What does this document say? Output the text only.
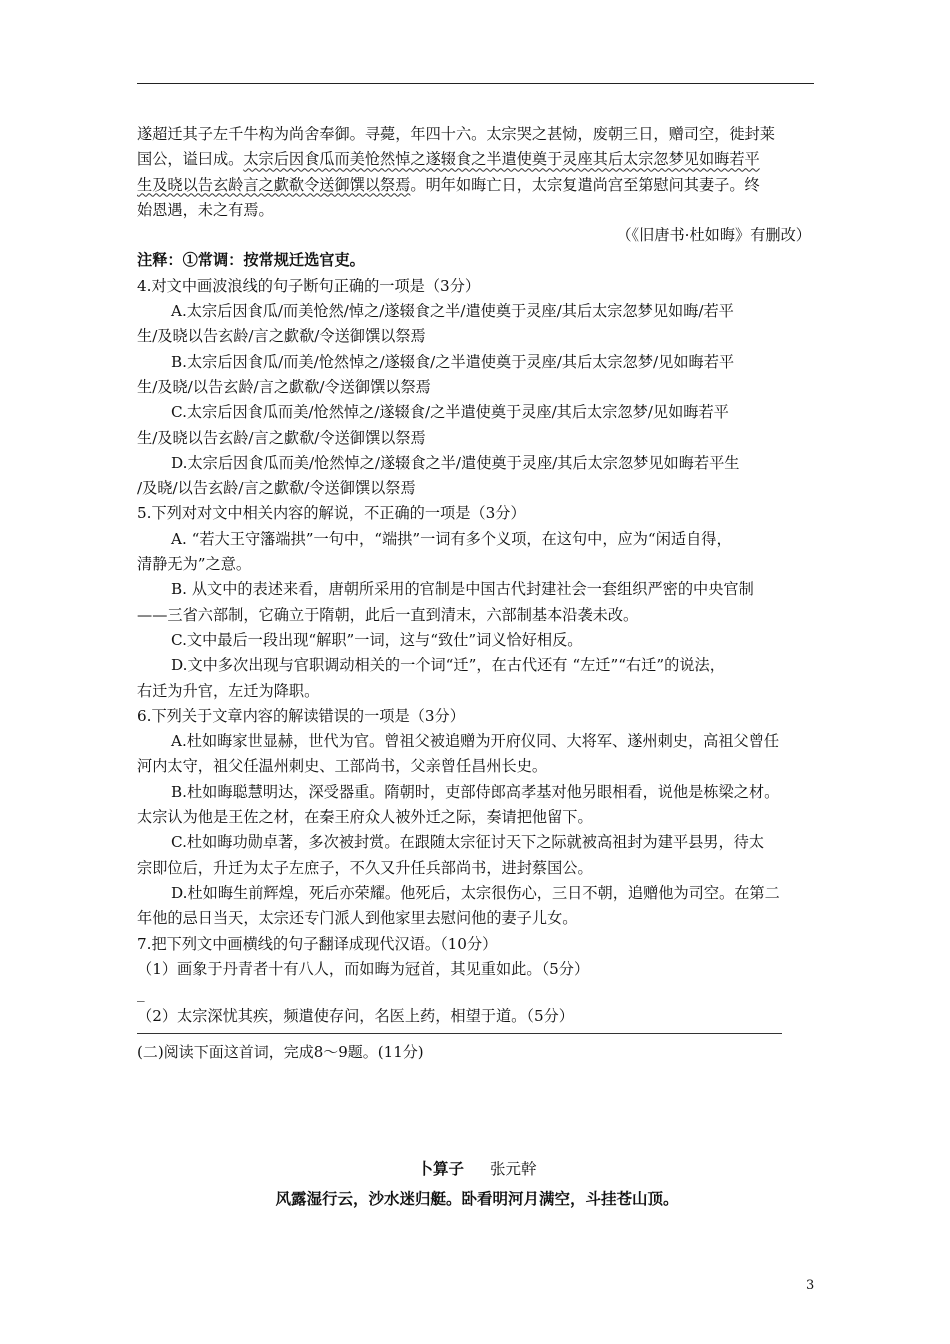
遂超迁其子左千牛构为尚舍奉御。寻薨，年四十六。太宗哭之甚恸，废朝三日，赠司空，徙封莱

国公，谥曰成。太宗后因食瓜而美怆然悼之遂辍食之半遣使奠于灵座其后太宗忽梦见如晦若平

生及晓以告玄龄言之歔欷令送御馔以祭焉。明年如晦亡日，太宗复遣尚宫至第慰问其妻子。终

始恩遇，未之有焉。

（《旧唐书·杜如晦》有删改）

注释：①常调：按常规迁选官吏。

4.对文中画波浪线的句子断句正确的一项是（3分）

A.太宗后因食瓜/而美怆然/悼之/遂辍食之半/遣使奠于灵座/其后太宗忽梦见如晦/若平

生/及晓以告玄龄/言之歔欷/令送御馔以祭焉

B.太宗后因食瓜/而美/怆然悼之/遂辍食/之半遣使奠于灵座/其后太宗忽梦/见如晦若平

生/及晓/以告玄龄/言之歔欷/令送御馔以祭焉

C.太宗后因食瓜而美/怆然悼之/遂辍食/之半遣使奠于灵座/其后太宗忽梦/见如晦若平

生/及晓以告玄龄/言之歔欷/令送御馔以祭焉

D.太宗后因食瓜而美/怆然悼之/遂辍食之半/遣使奠于灵座/其后太宗忽梦见如晦若平生

/及晓/以告玄龄/言之歔欷/令送御馔以祭焉

5.下列对对文中相关内容的解说，不正确的一项是（3分）

A. “若大王守籓端拱”一句中，“端拱”一词有多个义项，在这句中，应为“闲适自得，

清静无为”之意。

B. 从文中的表述来看，唐朝所采用的官制是中国古代封建社会一套组织严密的中央官制

——三省六部制，它确立于隋朝，此后一直到清末，六部制基本沿袭未改。

C.文中最后一段出现“解职”一词，这与“致仕”词义恰好相反。

D.文中多次出现与官职调动相关的一个词“迁”，在古代还有 “左迁”“右迁”的说法，

右迁为升官，左迁为降职。

6.下列关于文章内容的解读错误的一项是（3分）

A.杜如晦家世显赫，世代为官。曾祖父被追赠为开府仪同、大将军、遂州刺史，高祖父曾任

河内太守，祖父任温州刺史、工部尚书，父亲曾任昌州长史。

B.杜如晦聪慧明达，深受器重。隋朝时，吏部侍郎高孝基对他另眼相看，说他是栋梁之材。

太宗认为他是王佐之材，在秦王府众人被外迁之际，奏请把他留下。

C.杜如晦功勋卓著，多次被封赏。在跟随太宗征讨天下之际就被高祖封为建平县男，待太

宗即位后，升迁为太子左庶子，不久又升任兵部尚书，进封蔡国公。

D.杜如晦生前辉煌，死后亦荣耀。他死后，太宗很伤心，三日不朝，追赠他为司空。在第二

年他的忌日当天，太宗还专门派人到他家里去慰问他的妻子儿女。

7.把下列文中画横线的句子翻译成现代汉语。（10分）

（1）画象于丹青者十有八人，而如晦为冠首，其见重如此。（5分）

_

（2）太宗深忧其疾，频遣使存问，名医上药，相望于道。（5分）

(二)阅读下面这首词，完成8～9题。(11分)

卜算子 张元幹
风露湿行云，沙水迷归艇。卧看明河月满空，斗挂苍山顶。
3
